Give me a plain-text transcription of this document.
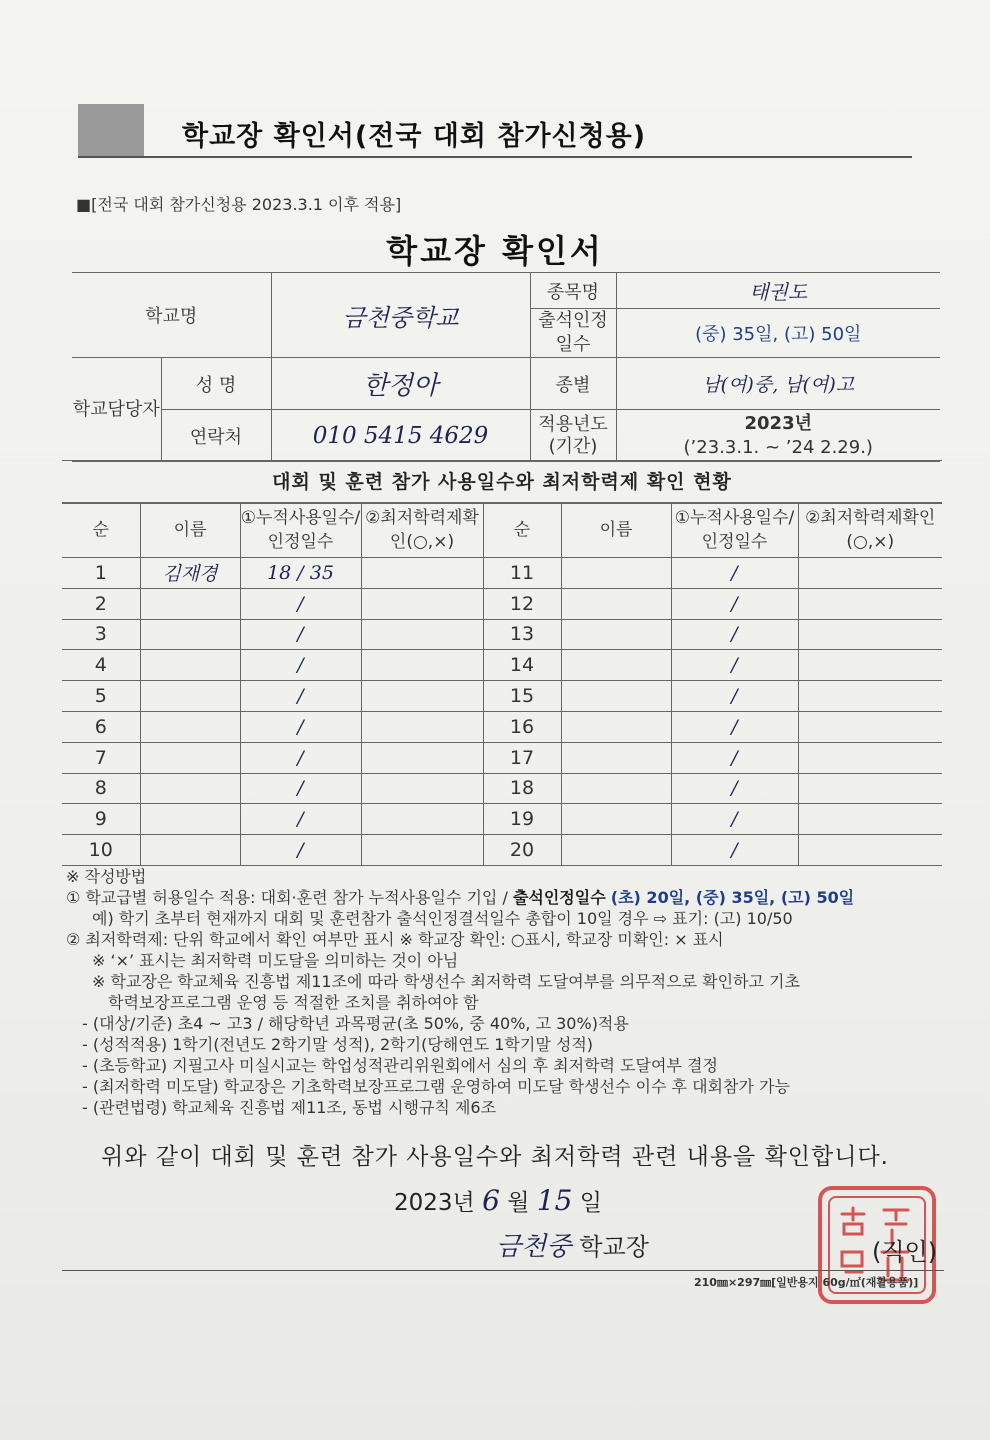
학교장 확인서(전국 대회 참가신청용)
■[전국 대회 참가신청용 2023.3.1 이후 적용]
학교장 확인서
학교명		금천중학교	종목명	태권도
			출석인정일수	(중) 35일, (고) 50일
학교담당자	성 명	한정아	종별	남(여)중, 남(여)고
	연락처	010 5415 4629	적용년도(기간)	2023년
(’23.3.1. ~ ’24 2.29.)
대회 및 훈련 참가 사용일수와 최저학력제 확인 현황
순	이름	①누적사용일수/인정일수	②최저학력제확인(○,×)	순	이름	①누적사용일수/인정일수	②최저학력제확인(○,×)
1	김재경	18 / 35		11		/	
2		/		12		/	
3		/		13		/	
4		/		14		/	
5		/		15		/	
6		/		16		/	
7		/		17		/	
8		/		18		/	
9		/		19		/	
10		/		20		/	
※ 작성방법
① 학교급별 허용일수 적용: 대회·훈련 참가 누적사용일수 기입 / 출석인정일수 (초) 20일, (중) 35일, (고) 50일
예) 학기 초부터 현재까지 대회 및 훈련참가 출석인정결석일수 총합이 10일 경우 ⇨ 표기: (고) 10/50
② 최저학력제: 단위 학교에서 확인 여부만 표시 ※ 학교장 확인: ○표시, 학교장 미확인: × 표시
※ ‘×’ 표시는 최저학력 미도달을 의미하는 것이 아님
※ 학교장은 학교체육 진흥법 제11조에 따라 학생선수 최저학력 도달여부를 의무적으로 확인하고 기초
학력보장프로그램 운영 등 적절한 조치를 취하여야 함
- (대상/기준) 초4 ~ 고3 / 해당학년 과목평균(초 50%, 중 40%, 고 30%)적용
- (성적적용) 1학기(전년도 2학기말 성적), 2학기(당해연도 1학기말 성적)
- (초등학교) 지필고사 미실시교는 학업성적관리위원회에서 심의 후 최저학력 도달여부 결정
- (최저학력 미도달) 학교장은 기초학력보장프로그램 운영하여 미도달 학생선수 이수 후 대회참가 가능
- (관련법령) 학교체육 진흥법 제11조, 동법 시행규칙 제6조
위와 같이 대회 및 훈련 참가 사용일수와 최저학력 관련 내용을 확인합니다.
2023년 6 월 15 일
금천중 학교장	(직인)
210㎜×297㎜[일반용지 60g/㎡(재활용품)]
